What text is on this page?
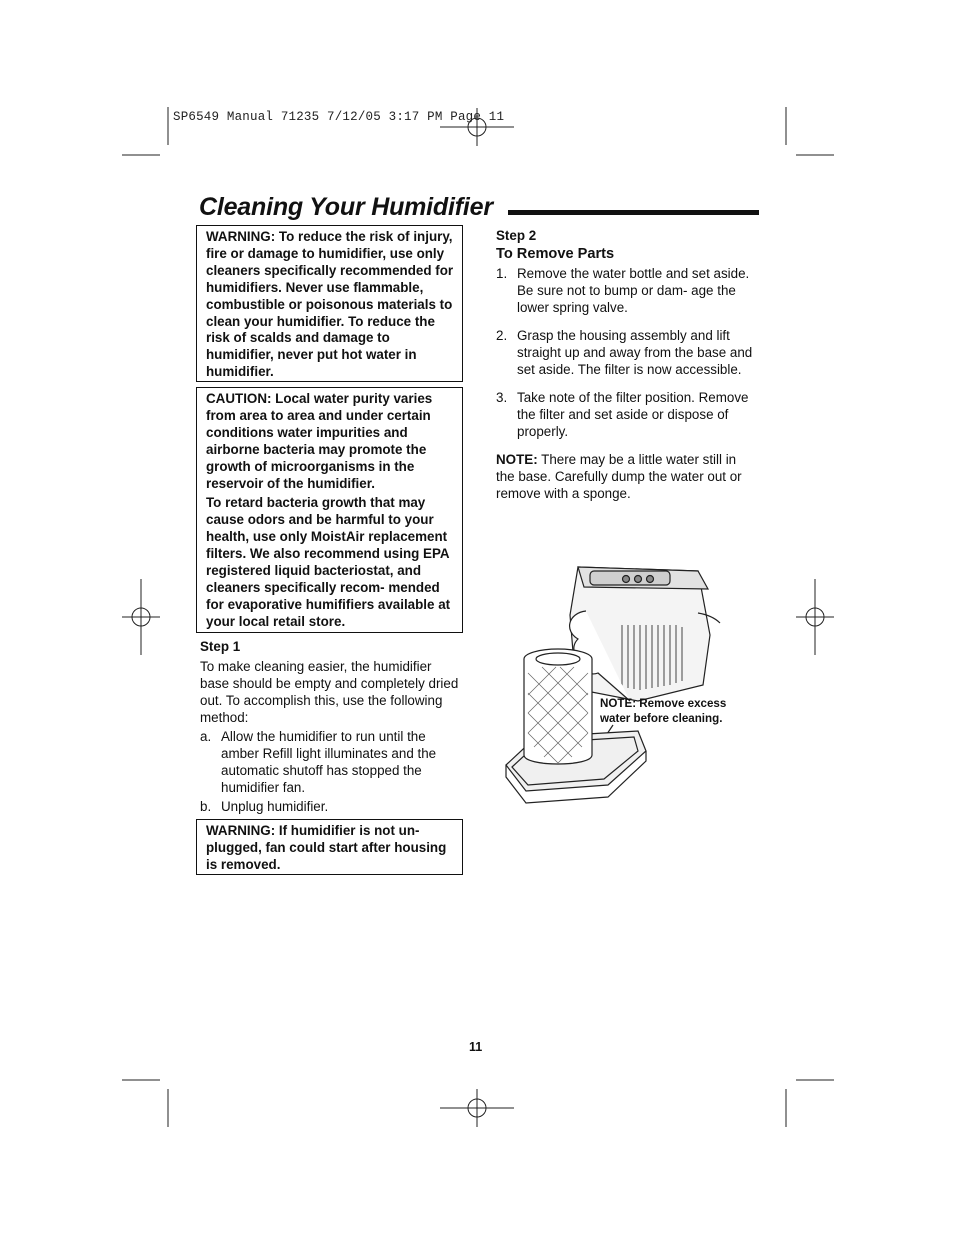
SP6549 Manual 71235 7/12/05 3:17 PM Page 11
Cleaning Your Humidifier

WARNING: To reduce the risk of injury, fire or damage to humidifier, use only cleaners specifically recommended for humidifiers. Never use flammable, combustible or poisonous materials to clean your humidifier. To reduce the risk of scalds and damage to humidifier, never put hot water in humidifier.

CAUTION: Local water purity varies from area to area and under certain conditions water impurities and airborne bacteria may promote the growth of microorganisms in the reservoir of the humidifier.

To retard bacteria growth that may cause odors and be harmful to your health, use only MoistAir replacement filters. We also recommend using EPA registered liquid bacteriostat, and cleaners specifically recom- mended for evaporative humififiers available at your local retail store.

Step 1

To make cleaning easier, the humidifier base should be empty and completely dried out. To accomplish this, use the following method:

a. Allow the humidifier to run until the amber Refill light illuminates and the automatic shutoff has stopped the humidifier fan.
b. Unplug humidifier.

WARNING: If humidifier is not un- plugged, fan could start after housing is removed.

Step 2

To Remove Parts

1. Remove the water bottle and set aside. Be sure not to bump or dam- age the lower spring valve.
2. Grasp the housing assembly and lift straight up and away from the base and set aside. The filter is now accessible.
3. Take note of the filter position. Remove the filter and set aside or dispose of properly.

NOTE: There may be a little water still in the base. Carefully dump the water out or remove with a sponge.

NOTE: Remove excess water before cleaning.
11
